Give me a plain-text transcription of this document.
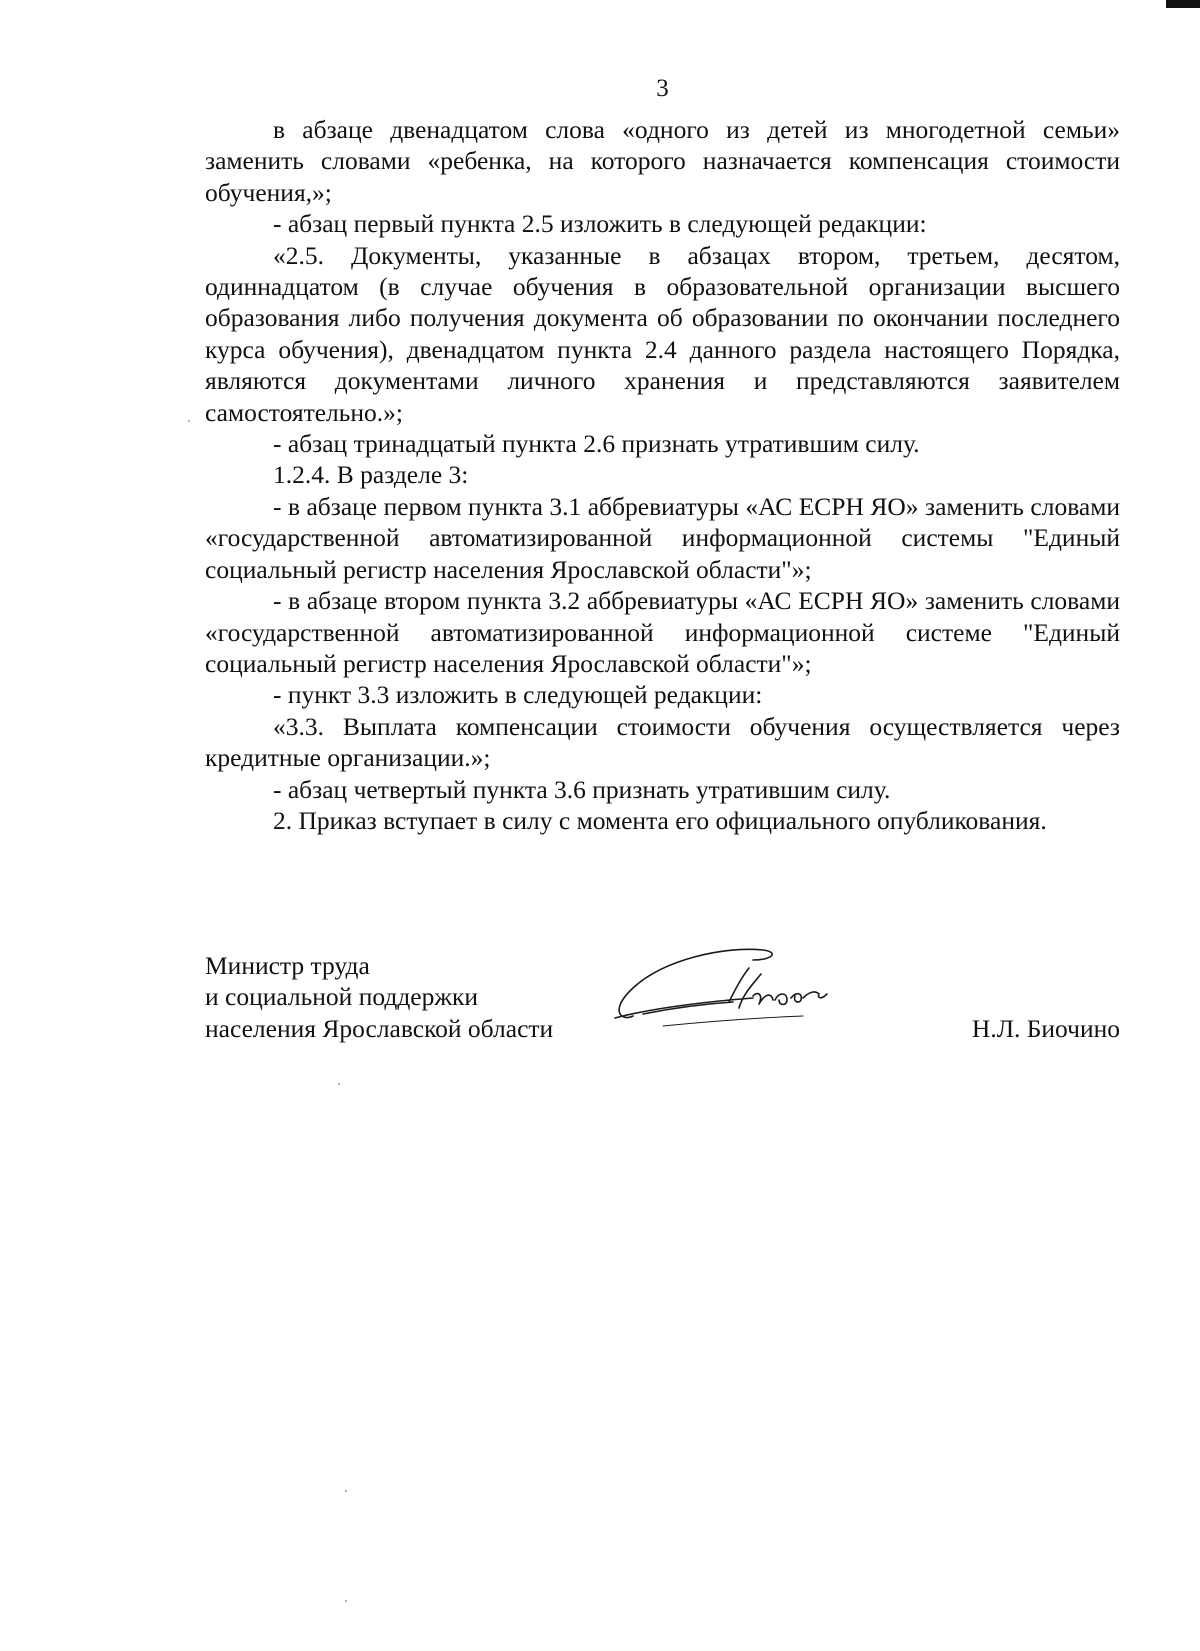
3

в абзаце двенадцатом слова «одного из детей из многодетной семьи» заменить словами «ребенка, на которого назначается компенсация стоимости обучения,»;

- абзац первый пункта 2.5 изложить в следующей редакции:

«2.5. Документы, указанные в абзацах втором, третьем, десятом, одиннадцатом (в случае обучения в образовательной организации высшего образования либо получения документа об образовании по окончании последнего курса обучения), двенадцатом пункта 2.4 данного раздела настоящего Порядка, являются документами личного хранения и представляются заявителем самостоятельно.»;

- абзац тринадцатый пункта 2.6 признать утратившим силу.

1.2.4. В разделе 3:

- в абзаце первом пункта 3.1 аббревиатуры «АС ЕСРН ЯО» заменить словами «государственной автоматизированной информационной системы "Единый социальный регистр населения Ярославской области"»;

- в абзаце втором пункта 3.2 аббревиатуры «АС ЕСРН ЯО» заменить словами «государственной автоматизированной информационной системе "Единый социальный регистр населения Ярославской области"»;

- пункт 3.3 изложить в следующей редакции:

«3.3. Выплата компенсации стоимости обучения осуществляется через кредитные организации.»;

- абзац четвертый пункта 3.6 признать утратившим силу.

2. Приказ вступает в силу с момента его официального опубликования.

Министр труда
и социальной поддержки
населения Ярославской области	Н.Л. Биочино
